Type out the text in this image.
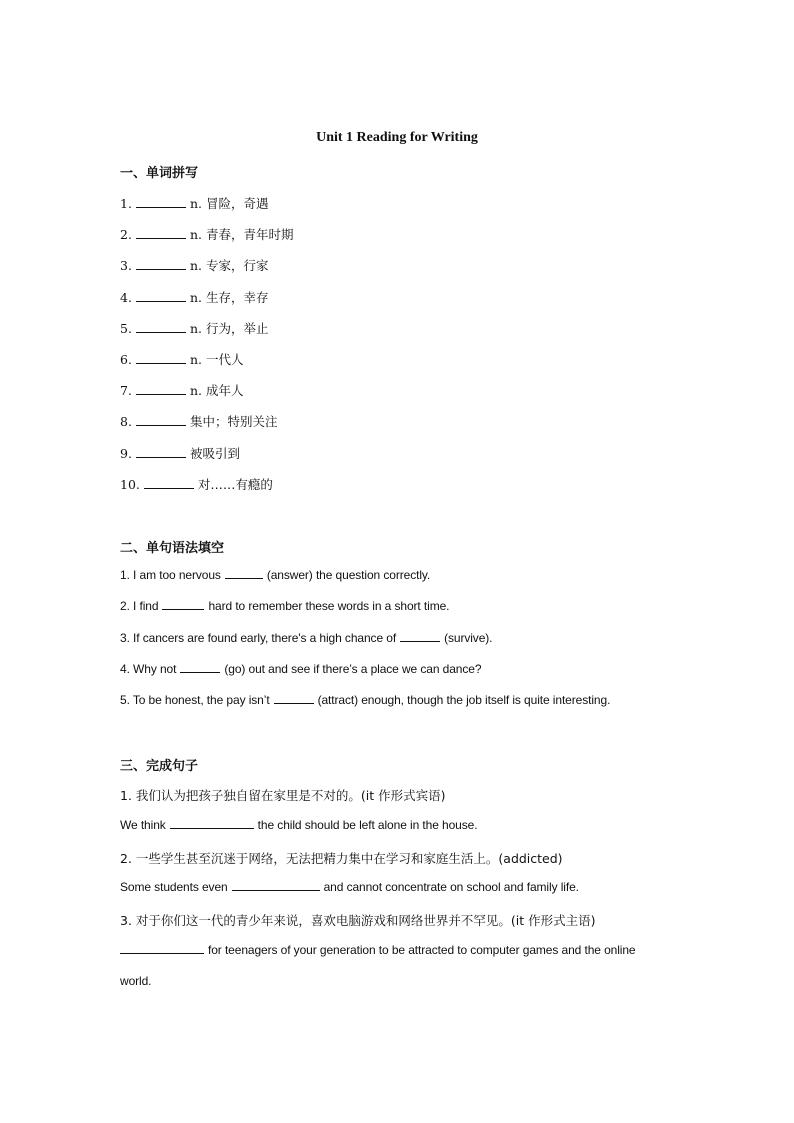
Unit 1 Reading for Writing
一、单词拼写
1.	n. 冒险，奇遇
2.	n. 青春，青年时期
3.	n. 专家，行家
4.	n. 生存，幸存
5.	n. 行为，举止
6.	n. 一代人
7.	n. 成年人
8.	集中；特别关注
9.	被吸引到
10.	对……有瘾的
二、单句语法填空
1. I am too nervous	(answer) the question correctly.
2. I find	hard to remember these words in a short time.
3. If cancers are found early, there's a high chance of	(survive).
4. Why not	(go) out and see if there’s a place we can dance?
5. To be honest, the pay isn’t	(attract) enough, though the job itself is quite interesting.
三、完成句子
1. 我们认为把孩子独自留在家里是不对的。(it 作形式宾语)
We think	the child should be left alone in the house.
2. 一些学生甚至沉迷于网络，无法把精力集中在学习和家庭生活上。(addicted)
Some students even	and cannot concentrate on school and family life.
3. 对于你们这一代的青少年来说，喜欢电脑游戏和网络世界并不罕见。(it 作形式主语)
for teenagers of your generation to be attracted to computer games and the online
world.
